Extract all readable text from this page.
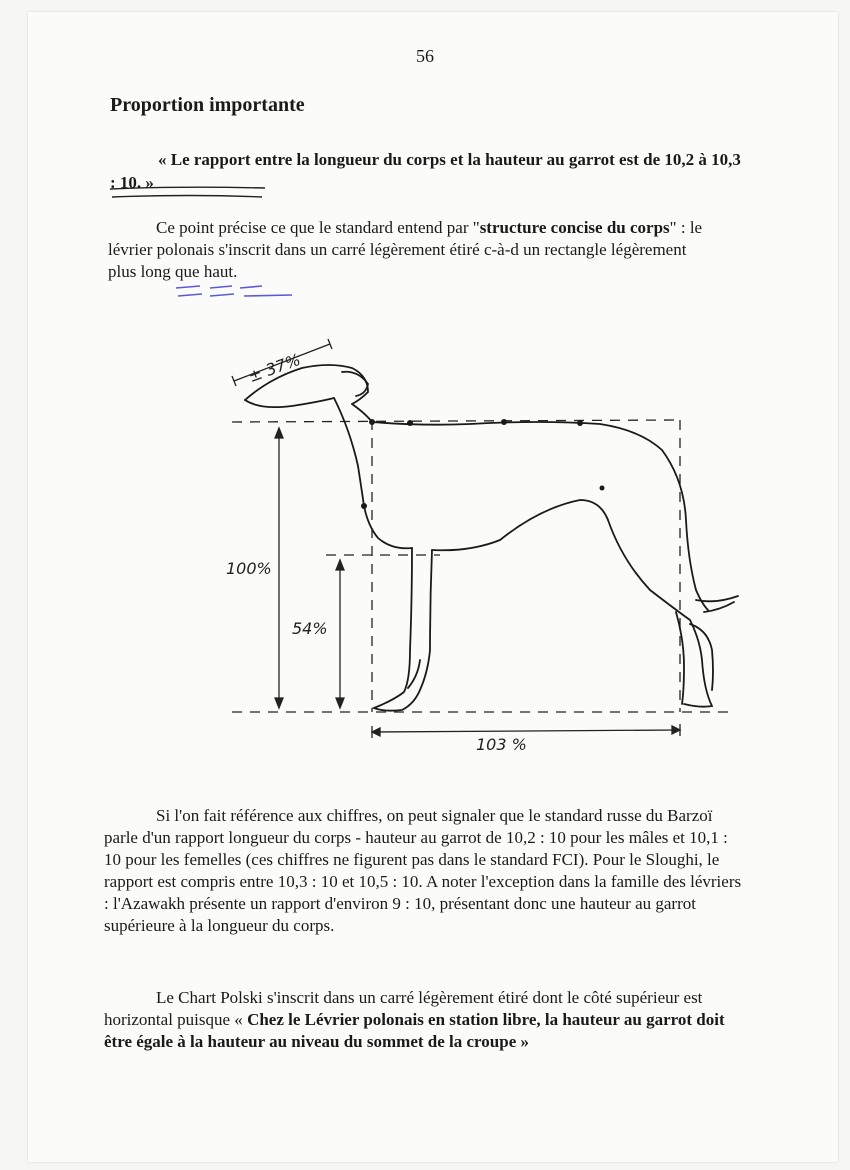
56
Proportion importante
« Le rapport entre la longueur du corps et la hauteur au garrot est de 10,2 à 10,3 : 10. »
Ce point précise ce que le standard entend par "structure concise du corps" : le lévrier polonais s'inscrit dans un carré légèrement étiré c-à-d un rectangle légèrement plus long que haut.
± 37%
100%
54%
103 %
Si l'on fait référence aux chiffres, on peut signaler que le standard russe du Barzoï parle d'un rapport longueur du corps - hauteur au garrot de 10,2 : 10 pour les mâles et 10,1 : 10 pour les femelles (ces chiffres ne figurent pas dans le standard FCI). Pour le Sloughi, le rapport est compris entre 10,3 : 10 et 10,5 : 10. A noter l'exception dans la famille des lévriers : l'Azawakh présente un rapport d'environ 9 : 10, présentant donc une hauteur au garrot supérieure à la longueur du corps.
Le Chart Polski s'inscrit dans un carré légèrement étiré dont le côté supérieur est horizontal puisque « Chez le Lévrier polonais en station libre, la hauteur au garrot doit être égale à la hauteur au niveau du sommet de la croupe »
